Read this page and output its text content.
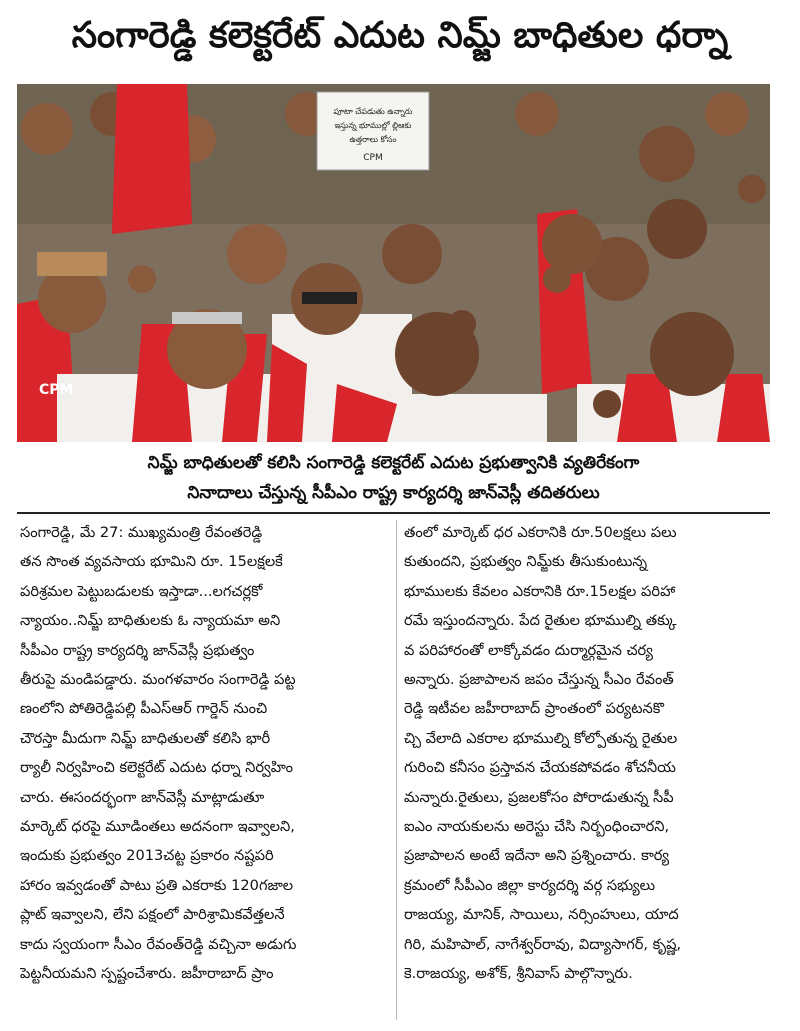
సంగారెడ్డి కలెక్టరేట్ ఎదుట నిమ్జ్ బాధితుల ధర్నా
పూటా చేపడుతు ఉన్నారు
ఇస్తున్న భూముల్లో ల్లిఆకు
ఉత్తరాలు కోసం
CPM
CPM
నిమ్జ్ బాధితులతో కలిసి సంగారెడ్డి కలెక్టరేట్ ఎదుట ప్రభుత్వానికి వ్యతిరేకంగా
నినాదాలు చేస్తున్న సీపీఎం రాష్ట్ర కార్యదర్శి జాన్‌వెస్లీ తదితరులు
సంగారెడ్డి, మే 27: ముఖ్యమంత్రి రేవంతరెడ్డి
తన సొంత వ్యవసాయ భూమిని రూ. 15లక్షలకే
పరిశ్రమల పెట్టుబడులకు ఇస్తాడా...లగచర్లకో
న్యాయం..నిమ్జ్ బాధితులకు ఓ న్యాయమా అని
సీపీఎం రాష్ట్ర కార్యదర్శి జాన్‌వెస్లీ ప్రభుత్వం
తీరుపై మండిపడ్డారు. మంగళవారం సంగారెడ్డి పట్ట
ణంలోని పోతిరెడ్డిపల్లి పీఎస్ఆర్ గార్డెన్ నుంచి
చౌరస్తా మీదుగా నిమ్జ్ బాధితులతో కలిసి భారీ
ర్యాలీ నిర్వహించి కలెక్టరేట్ ఎదుట ధర్నా నిర్వహిం
చారు. ఈసందర్భంగా జాన్‌వెస్లీ మాట్లాడుతూ
మార్కెట్ ధరపై మూడింతలు అదనంగా ఇవ్వాలని,
ఇందుకు ప్రభుత్వం 2013చట్ట ప్రకారం నష్టపరి
హారం ఇవ్వడంతో పాటు ప్రతి ఎకరాకు 120గజాల
ప్లాట్ ఇవ్వాలని, లేని పక్షంలో పారిశ్రామికవేత్తలనే
కాదు స్వయంగా సీఎం రేవంత్‌రెడ్డి వచ్చినా అడుగు
పెట్టనీయమని స్పష్టంచేశారు. జహీరాబాద్ ప్రాం
తంలో మార్కెట్ ధర ఎకరానికి రూ.50లక్షలు పలు
కుతుందని, ప్రభుత్వం నిమ్జ్‌కు తీసుకుంటున్న
భూములకు కేవలం ఎకరానికి రూ.15లక్షల పరిహా
రమే ఇస్తుందన్నారు. పేద రైతుల భూముల్ని తక్కు
వ పరిహారంతో లాక్కోవడం దుర్మార్గమైన చర్య
అన్నారు. ప్రజాపాలన జపం చేస్తున్న సీఎం రేవంత్
రెడ్డి ఇటీవల జహీరాబాద్ ప్రాంతంలో పర్యటనకొ
చ్చి వేలాది ఎకరాల భూముల్ని కోల్పోతున్న రైతుల
గురించి కనీసం ప్రస్తావన చేయకపోవడం శోచనీయ
మన్నారు.రైతులు, ప్రజలకోసం పోరాడుతున్న సీపీ
ఐఎం నాయకులను అరెస్టు చేసి నిర్బంధించారని,
ప్రజాపాలన అంటే ఇదేనా అని ప్రశ్నించారు. కార్య
క్రమంలో సీపీఎం జిల్లా కార్యదర్శి వర్గ సభ్యులు
రాజయ్య, మానిక్, సాయిలు, నర్సింహులు, యాద
గిరి, మహిపాల్, నాగేశ్వర్‌రావు, విద్యాసాగర్, కృష్ణ,
కె.రాజయ్య, అశోక్, శ్రీనివాస్ పాల్గొన్నారు.
